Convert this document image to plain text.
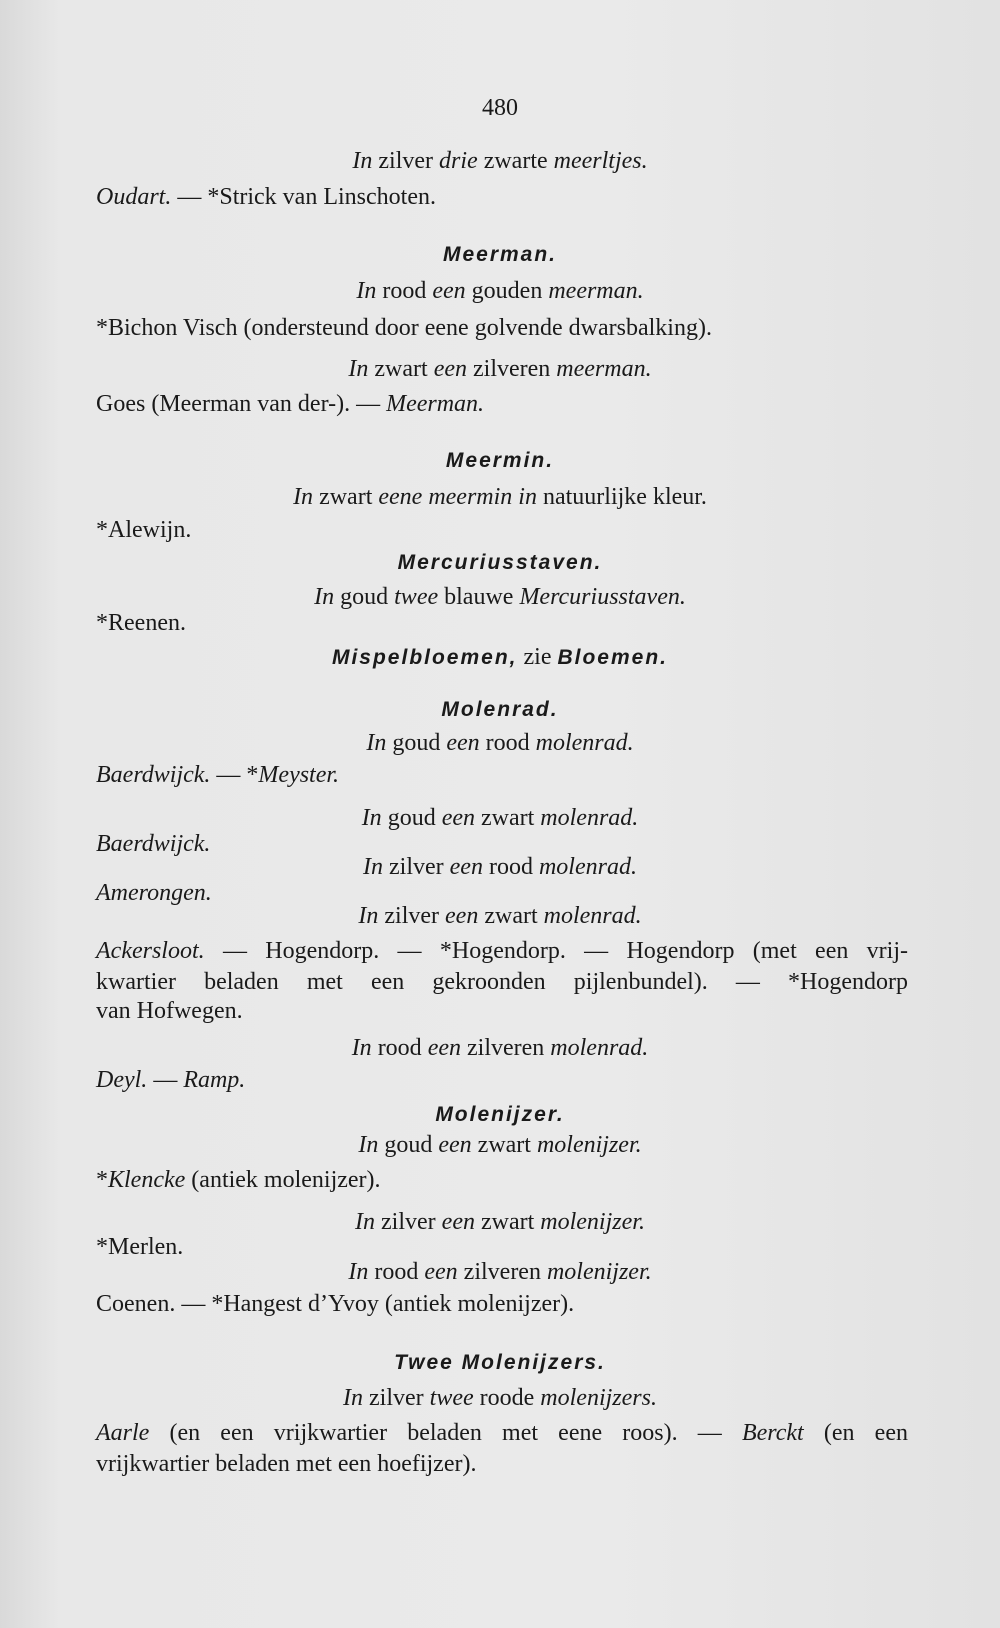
480
In zilver drie zwarte meerltjes.
Oudart. — *Strick van Linschoten.
Meerman.
In rood een gouden meerman.
*Bichon Visch (ondersteund door eene golvende dwarsbalking).
In zwart een zilveren meerman.
Goes (Meerman van der-). — Meerman.
Meermin.
In zwart eene meermin in natuurlijke kleur.
*Alewijn.
Mercuriusstaven.
In goud twee blauwe Mercuriusstaven.
*Reenen.
Mispelbloemen, zie Bloemen.
Molenrad.
In goud een rood molenrad.
Baerdwijck. — *Meyster.
In goud een zwart molenrad.
Baerdwijck.
In zilver een rood molenrad.
Amerongen.
In zilver een zwart molenrad.
Ackersloot. — Hogendorp. — *Hogendorp. — Hogendorp (met een vrij-
kwartier beladen met een gekroonden pijlenbundel). — *Hogendorp
van Hofwegen.
In rood een zilveren molenrad.
Deyl. — Ramp.
Molenijzer.
In goud een zwart molenijzer.
*Klencke (antiek molenijzer).
In zilver een zwart molenijzer.
*Merlen.
In rood een zilveren molenijzer.
Coenen. — *Hangest d’Yvoy (antiek molenijzer).
Twee Molenijzers.
In zilver twee roode molenijzers.
Aarle (en een vrijkwartier beladen met eene roos). — Berckt (en een
vrijkwartier beladen met een hoefijzer).
